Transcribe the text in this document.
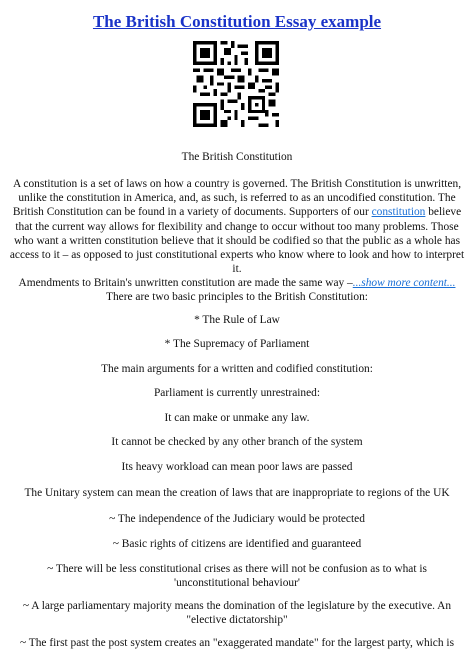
The British Constitution Essay example
The British Constitution
A constitution is a set of laws on how a country is governed. The British Constitution is unwritten, unlike the constitution in America, and, as such, is referred to as an uncodified constitution. The British Constitution can be found in a variety of documents. Supporters of our constitution believe that the current way allows for flexibility and change to occur without too many problems. Those who want a written constitution believe that it should be codified so that the public as a whole has access to it – as opposed to just constitutional experts who know where to look and how to interpret it.
Amendments to Britain's unwritten constitution are made the same way –...show more content...
There are two basic principles to the British Constitution:
* The Rule of Law
* The Supremacy of Parliament
The main arguments for a written and codified constitution:
Parliament is currently unrestrained:
It can make or unmake any law.
It cannot be checked by any other branch of the system
Its heavy workload can mean poor laws are passed
The Unitary system can mean the creation of laws that are inappropriate to regions of the UK
~ The independence of the Judiciary would be protected
~ Basic rights of citizens are identified and guaranteed
~ There will be less constitutional crises as there will not be confusion as to what is 'unconstitutional behaviour'
~ A large parliamentary majority means the domination of the legislature by the executive. An "elective dictatorship"
~ The first past the post system creates an "exaggerated mandate" for the largest party, which is
